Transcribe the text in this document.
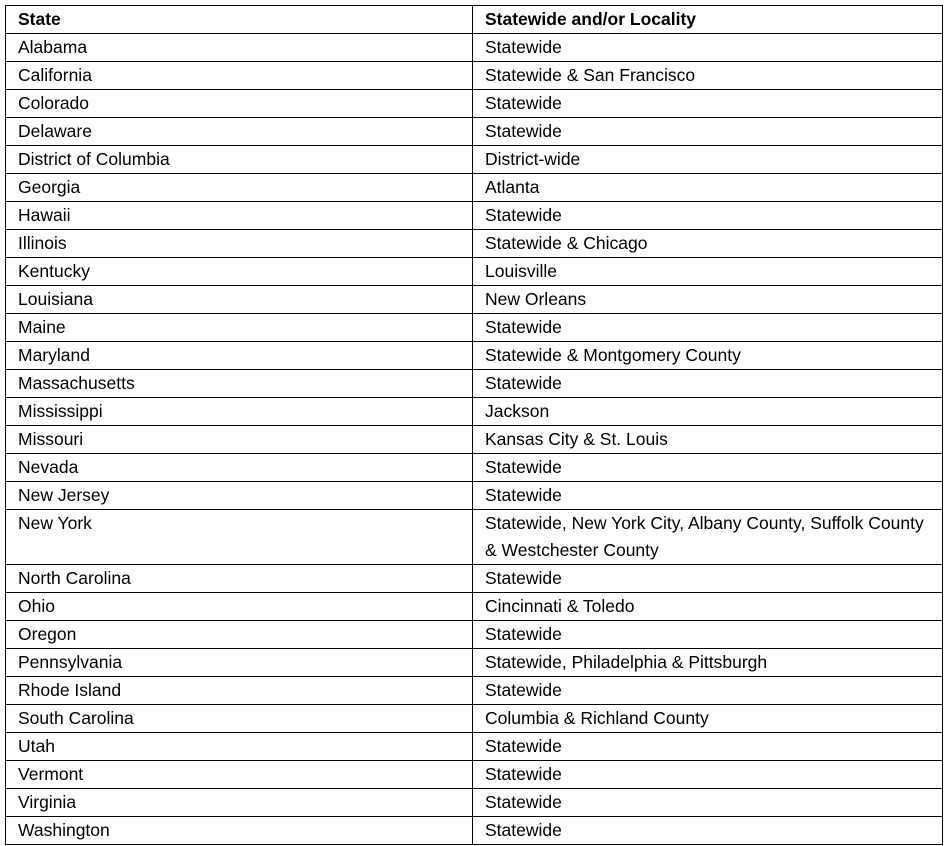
State	Statewide and/or Locality
Alabama	Statewide
California	Statewide & San Francisco
Colorado	Statewide
Delaware	Statewide
District of Columbia	District-wide
Georgia	Atlanta
Hawaii	Statewide
Illinois	Statewide & Chicago
Kentucky	Louisville
Louisiana	New Orleans
Maine	Statewide
Maryland	Statewide & Montgomery County
Massachusetts	Statewide
Mississippi	Jackson
Missouri	Kansas City & St. Louis
Nevada	Statewide
New Jersey	Statewide
New York	Statewide, New York City, Albany County, Suffolk County & Westchester County
North Carolina	Statewide
Ohio	Cincinnati & Toledo
Oregon	Statewide
Pennsylvania	Statewide, Philadelphia & Pittsburgh
Rhode Island	Statewide
South Carolina	Columbia & Richland County
Utah	Statewide
Vermont	Statewide
Virginia	Statewide
Washington	Statewide
